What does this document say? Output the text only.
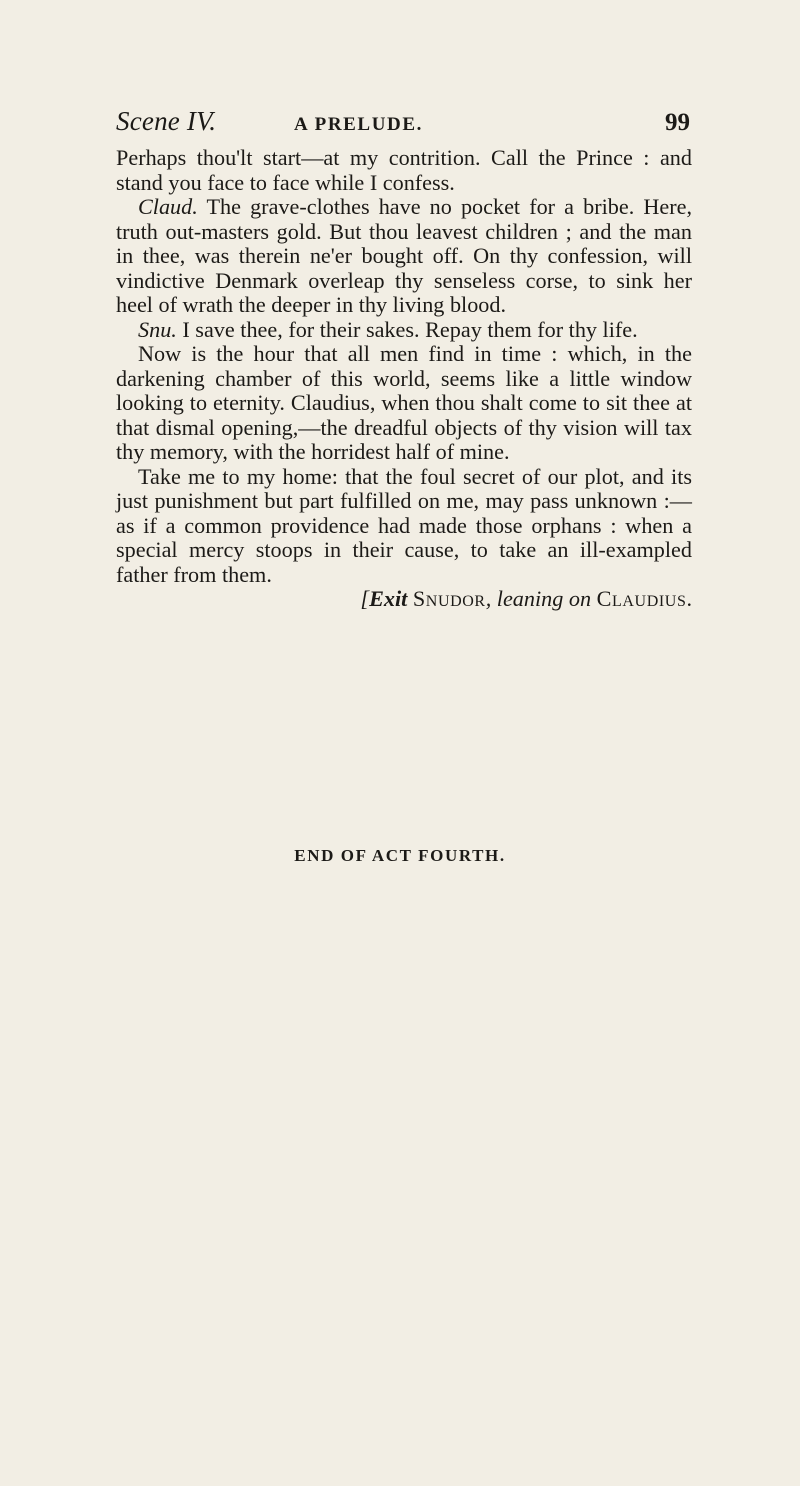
Scene IV.	A PRELUDE.	99

Perhaps thou'lt start—at my contrition. Call the Prince : and stand you face to face while I confess.

Claud. The grave-clothes have no pocket for a bribe. Here, truth out-masters gold. But thou leavest children ; and the man in thee, was therein ne'er bought off. On thy confession, will vindictive Denmark overleap thy senseless corse, to sink her heel of wrath the deeper in thy living blood.

Snu. I save thee, for their sakes. Repay them for thy life.

Now is the hour that all men find in time : which, in the darkening chamber of this world, seems like a little window looking to eternity. Claudius, when thou shalt come to sit thee at that dismal opening,—the dreadful objects of thy vision will tax thy memory, with the horridest half of mine.

Take me to my home: that the foul secret of our plot, and its just punishment but part fulfilled on me, may pass unknown :—as if a common providence had made those orphans : when a special mercy stoops in their cause, to take an ill-exampled father from them.

[Exit Snudor, leaning on Claudius.

END OF ACT FOURTH.
